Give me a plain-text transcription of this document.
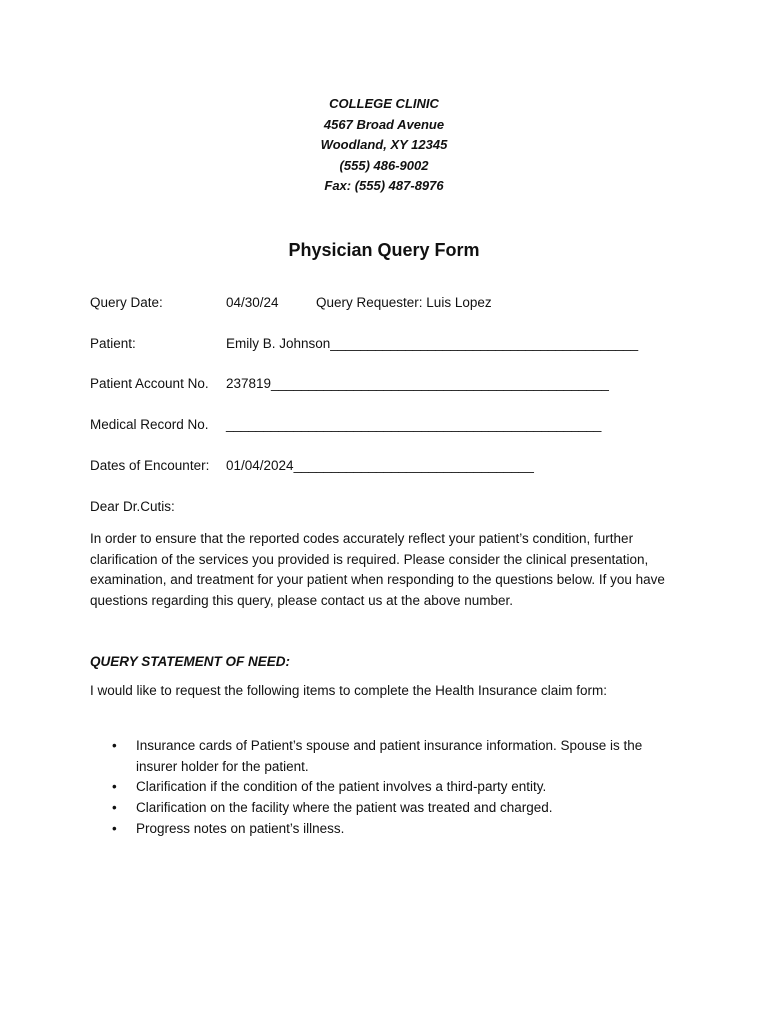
COLLEGE CLINIC
4567 Broad Avenue
Woodland, XY 12345
(555) 486-9002
Fax: (555) 487-8976
Physician Query Form
Query Date:	04/30/24	Query Requester: Luis Lopez
Patient:	Emily B. Johnson_________________________________________
Patient Account No. 237819_____________________________________________
Medical Record No. __________________________________________________
Dates of Encounter: 01/04/2024________________________________
Dear Dr.Cutis:
In order to ensure that the reported codes accurately reflect your patient’s condition, further clarification of the services you provided is required. Please consider the clinical presentation, examination, and treatment for your patient when responding to the questions below. If you have questions regarding this query, please contact us at the above number.
QUERY STATEMENT OF NEED:
I would like to request the following items to complete the Health Insurance claim form:
• Insurance cards of Patient’s spouse and patient insurance information. Spouse is the insurer holder for the patient.
• Clarification if the condition of the patient involves a third-party entity.
• Clarification on the facility where the patient was treated and charged.
• Progress notes on patient’s illness.
